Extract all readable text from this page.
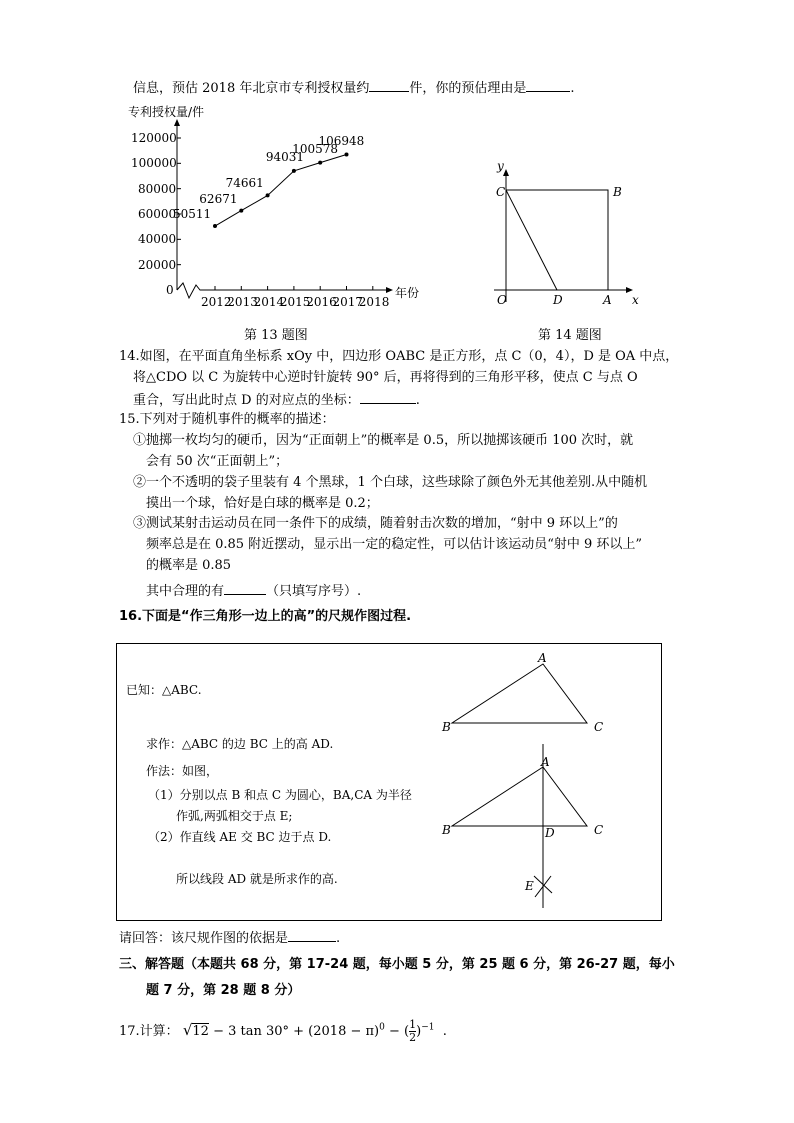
信息，预估 2018 年北京市专利授权量约	件，你的预估理由是	.
专利授权量/件
年份
0
20000
40000
60000
80000
100000
120000
2012
2013
2014
2015
2016
2017
2018
50511
62671
74661
94031
100578
106948
y
x
C	B
O	D	A
第 13 题图	第 14 题图
14.如图，在平面直角坐标系 xOy 中，四边形 OABC 是正方形，点 C（0，4），D 是 OA 中点，
将△CDO 以 C 为旋转中心逆时针旋转 90° 后，再将得到的三角形平移，使点 C 与点 O
重合，写出此时点 D 的对应点的坐标：	.
15.下列对于随机事件的概率的描述：
①抛掷一枚均匀的硬币，因为“正面朝上”的概率是 0.5，所以抛掷该硬币 100 次时，就
会有 50 次“正面朝上”；
②一个不透明的袋子里装有 4 个黑球，1 个白球，这些球除了颜色外无其他差别.从中随机
摸出一个球，恰好是白球的概率是 0.2；
③测试某射击运动员在同一条件下的成绩，随着射击次数的增加，“射中 9 环以上”的
频率总是在 0.85 附近摆动，显示出一定的稳定性，可以估计该运动员“射中 9 环以上”
的概率是 0.85
其中合理的有	（只填写序号）.
16.下面是“作三角形一边上的高”的尺规作图过程.
已知：△ABC.
求作：△ABC 的边 BC 上的高 AD.
作法：如图，
（1）分别以点 B 和点 C 为圆心，BA,CA 为半径
作弧,两弧相交于点 E;
（2）作直线 AE 交 BC 边于点 D.
所以线段 AD 就是所求作的高.
A
B	C
A
B	C
D
E
请回答：该尺规作图的依据是	.
三、解答题（本题共 68 分，第 17-24 题，每小题 5 分，第 25 题 6 分，第 26-27 题，每小
题 7 分，第 28 题 8 分）
17.计算： √12 − 3 $\tan 30^\circ + (2018 - \pi)^0$ − ( $\frac{1}{2} )^{-1}$ .
